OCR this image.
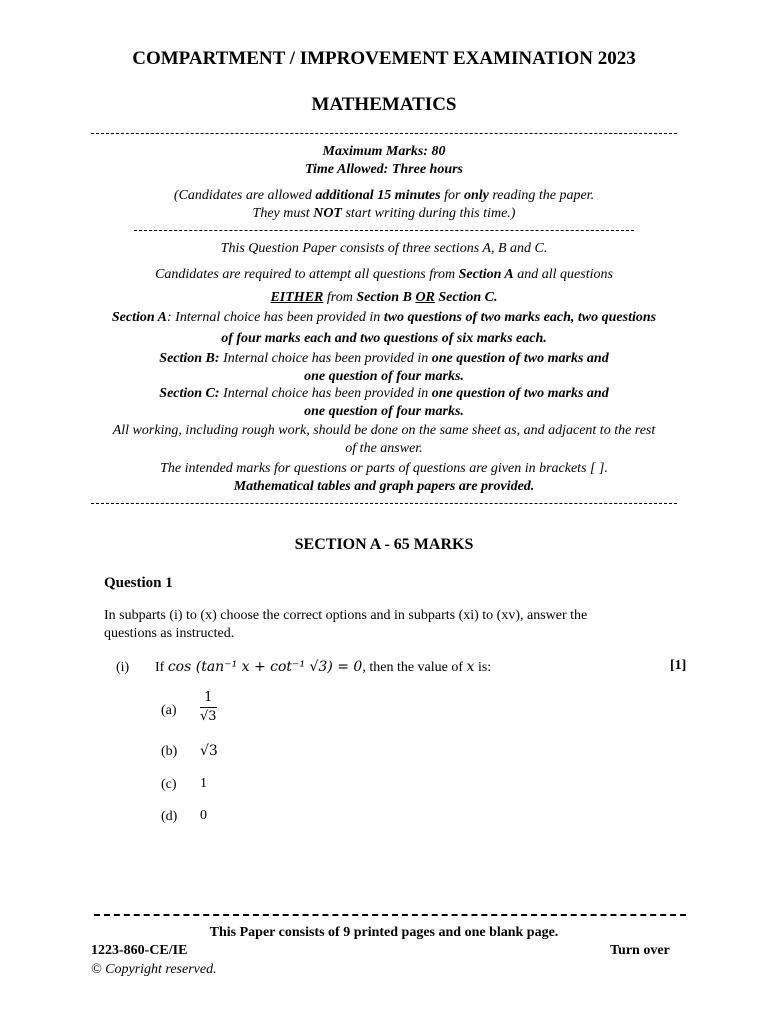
COMPARTMENT / IMPROVEMENT EXAMINATION 2023
MATHEMATICS
Maximum Marks: 80
Time Allowed: Three hours
(Candidates are allowed additional 15 minutes for only reading the paper.
They must NOT start writing during this time.)
This Question Paper consists of three sections A, B and C.
Candidates are required to attempt all questions from Section A and all questions
EITHER from Section B OR Section C.
Section A: Internal choice has been provided in two questions of two marks each, two questions
of four marks each and two questions of six marks each.
Section B: Internal choice has been provided in one question of two marks and
one question of four marks.
Section C: Internal choice has been provided in one question of two marks and
one question of four marks.
All working, including rough work, should be done on the same sheet as, and adjacent to the rest
of the answer.
The intended marks for questions or parts of questions are given in brackets [ ].
Mathematical tables and graph papers are provided.
SECTION A - 65 MARKS
Question 1
In subparts (i) to (x) choose the correct options and in subparts (xi) to (xv), answer the
questions as instructed.
(i) If cos (tan⁻¹ x + cot⁻¹ √3) = 0, then the value of x is:	[1]
$(a) \frac{1}{√3}$
(b) √3
(c) 1
(d) 0
This Paper consists of 9 printed pages and one blank page.
1223-860-CE/IE	Turn over
© Copyright reserved.
